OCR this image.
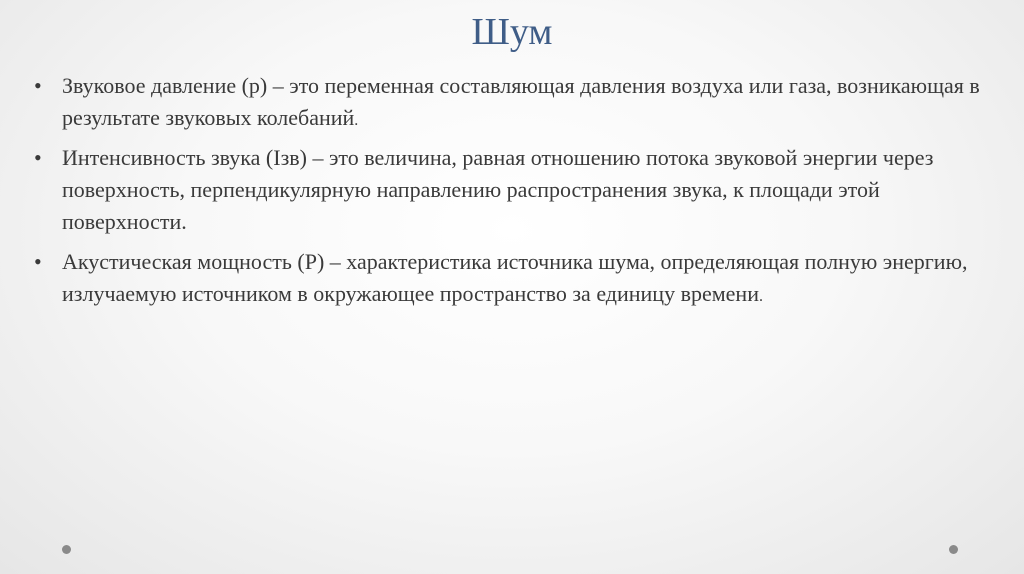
Шум
• Звуковое давление (р) – это переменная составляющая давления воздуха или газа, возникающая в результате звуковых колебаний.
• Интенсивность звука (Iзв) – это величина, равная отношению потока звуковой энергии через поверхность, перпендикулярную направлению распространения звука, к площади этой поверхности.
• Акустическая мощность (Р) – характеристика источника шума, определяющая полную энергию, излучаемую источником в окружающее пространство за единицу времени.
